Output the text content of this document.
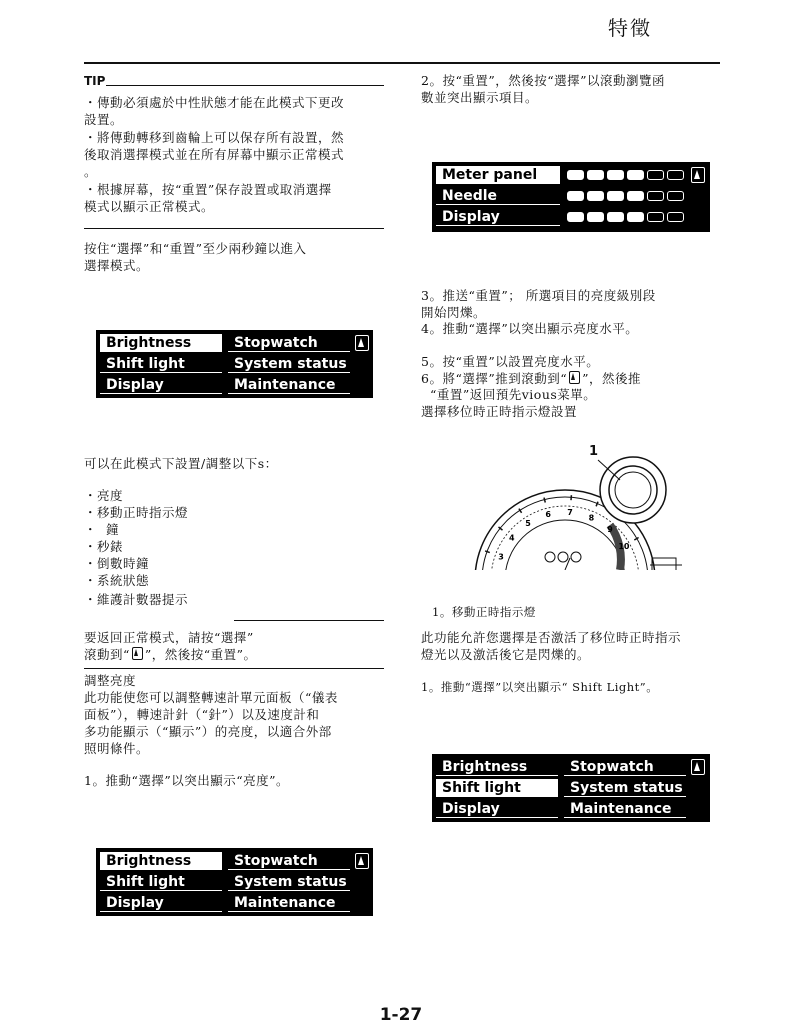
特徵
TIP
・傳動必須處於中性狀態才能在此模式下更改
設置。
・將傳動轉移到齒輪上可以保存所有設置，然
後取消選擇模式並在所有屏幕中顯示正常模式
。
・根據屏幕，按“重置”保存設置或取消選擇
模式以顯示正常模式。
按住“選擇”和“重置”至少兩秒鐘以進入
選擇模式。
Brightness	Stopwatch
Shift light	System status
Display	Maintenance
可以在此模式下設置/調整以下s：
・亮度
・移動正時指示燈
・  鐘
・秒錶
・倒數時鐘
・系統狀態
・維護計數器提示
要返回正常模式，請按“選擇”
滾動到“ ”，然後按“重置”。
調整亮度
此功能使您可以調整轉速計單元面板（“儀表
面板”），轉速計針（“針”）以及速度計和
多功能顯示（“顯示”）的亮度，以適合外部
照明條件。
1。推動“選擇”以突出顯示“亮度”。
Brightness	Stopwatch
Shift light	System status
Display	Maintenance
2。按“重置”，然後按“選擇”以滾動瀏覽函
數並突出顯示項目。
Meter panel
Needle
Display
3。推送“重置”； 所選項目的亮度級別段
開始閃爍。
4。推動“選擇”以突出顯示亮度水平。
5。按“重置”以設置亮度水平。
6。將“選擇”推到滾動到“ ”，然後推
“重置”返回預先vious菜單。
選擇移位時正時指示燈設置
1
3
4
5
6 7
8
9
10
1。移動正時指示燈
此功能允許您選擇是否激活了移位時正時指示
燈光以及激活後它是閃爍的。
1。推動“選擇”以突出顯示“ Shift Light”。
Brightness	Stopwatch
Shift light	System status
Display	Maintenance
1-27
